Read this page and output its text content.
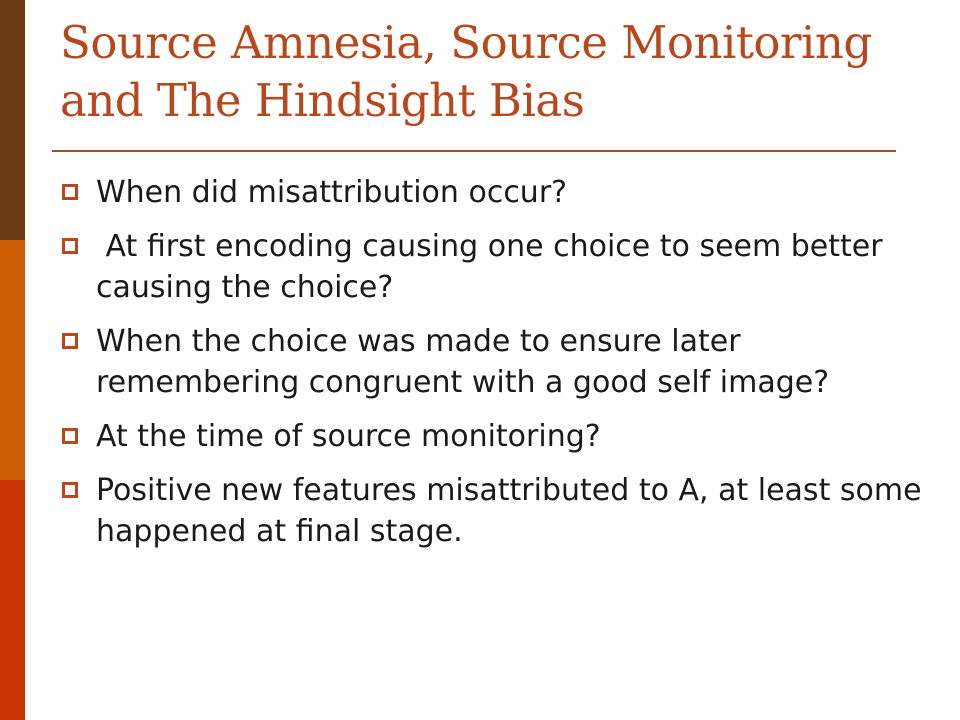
Source Amnesia, Source Monitoring
and The Hindsight Bias
When did misattribution occur?
At first encoding causing one choice to seem better causing the choice?
When the choice was made to ensure later remembering congruent with a good self image?
At the time of source monitoring?
Positive new features misattributed to A, at least some happened at final stage.
